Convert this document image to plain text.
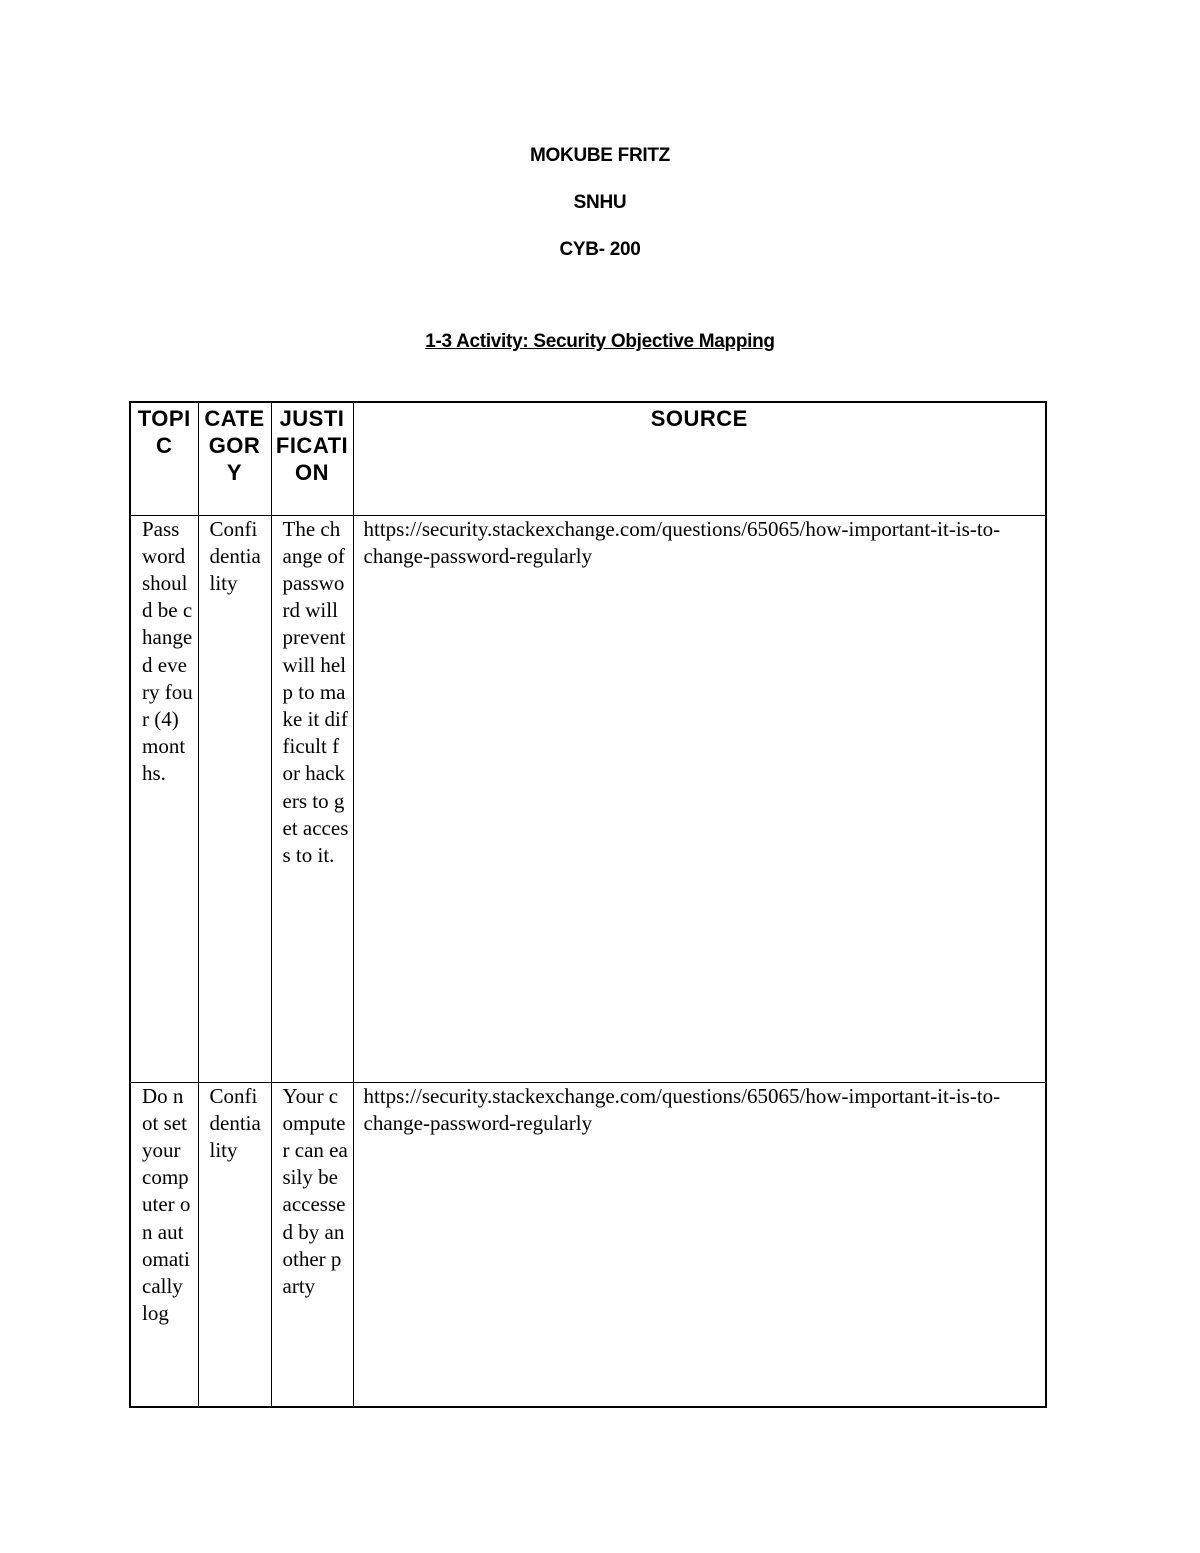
MOKUBE FRITZ
SNHU
CYB- 200
1-3 Activity: Security Objective Mapping
TOPIC	CATEGORY	JUSTIFICATION	SOURCE
Password should be changed every four (4) months.	Confidentiality	The change of password will prevent will help to make it difficult for hackers to get access to it.	https://security.stackexchange.com/questions/65065/how-important-it-is-to-change-password-regularly
Do not set your computer on automatically log	Confidentiality	Your computer can easily be accessed by another party	https://security.stackexchange.com/questions/65065/how-important-it-is-to-change-password-regularly
